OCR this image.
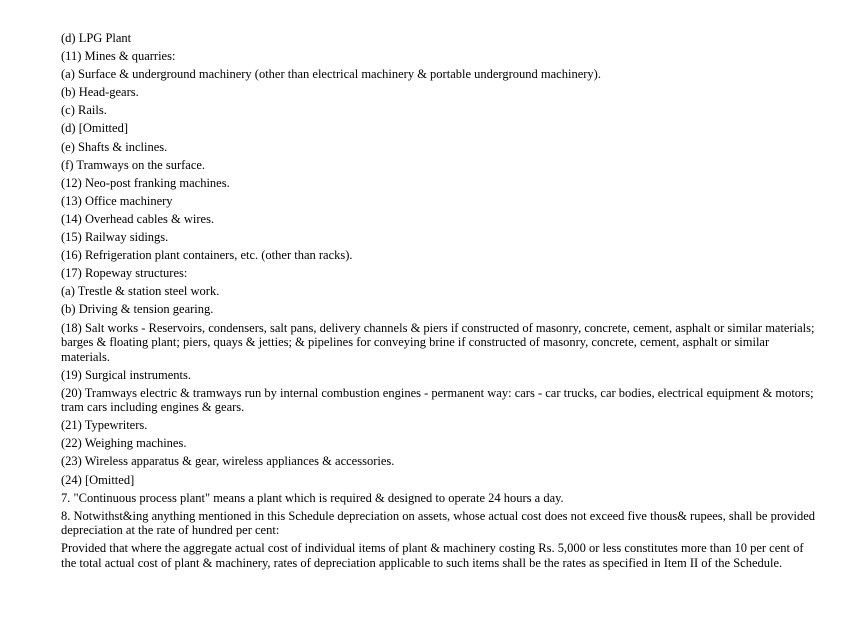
(d) LPG Plant

(11) Mines & quarries:

(a) Surface & underground machinery (other than electrical machinery & portable underground machinery).

(b) Head-gears.

(c) Rails.

(d) [Omitted]

(e) Shafts & inclines.

(f) Tramways on the surface.

(12) Neo-post franking machines.

(13) Office machinery

(14) Overhead cables & wires.

(15) Railway sidings.

(16) Refrigeration plant containers, etc. (other than racks).

(17) Ropeway structures:

(a) Trestle & station steel work.

(b) Driving & tension gearing.

(18) Salt works - Reservoirs, condensers, salt pans, delivery channels & piers if constructed of masonry, concrete, cement, asphalt or similar materials; barges & floating plant; piers, quays & jetties; & pipelines for conveying brine if constructed of masonry, concrete, cement, asphalt or similar materials.

(19) Surgical instruments.

(20) Tramways electric & tramways run by internal combustion engines - permanent way: cars - car trucks, car bodies, electrical equipment & motors; tram cars including engines & gears.

(21) Typewriters.

(22) Weighing machines.

(23) Wireless apparatus & gear, wireless appliances & accessories.

(24) [Omitted]

7. "Continuous process plant" means a plant which is required & designed to operate 24 hours a day.

8. Notwithst&ing anything mentioned in this Schedule depreciation on assets, whose actual cost does not exceed five thous& rupees, shall be provided depreciation at the rate of hundred per cent:

Provided that where the aggregate actual cost of individual items of plant & machinery costing Rs. 5,000 or less constitutes more than 10 per cent of the total actual cost of plant & machinery, rates of depreciation applicable to such items shall be the rates as specified in Item II of the Schedule.
